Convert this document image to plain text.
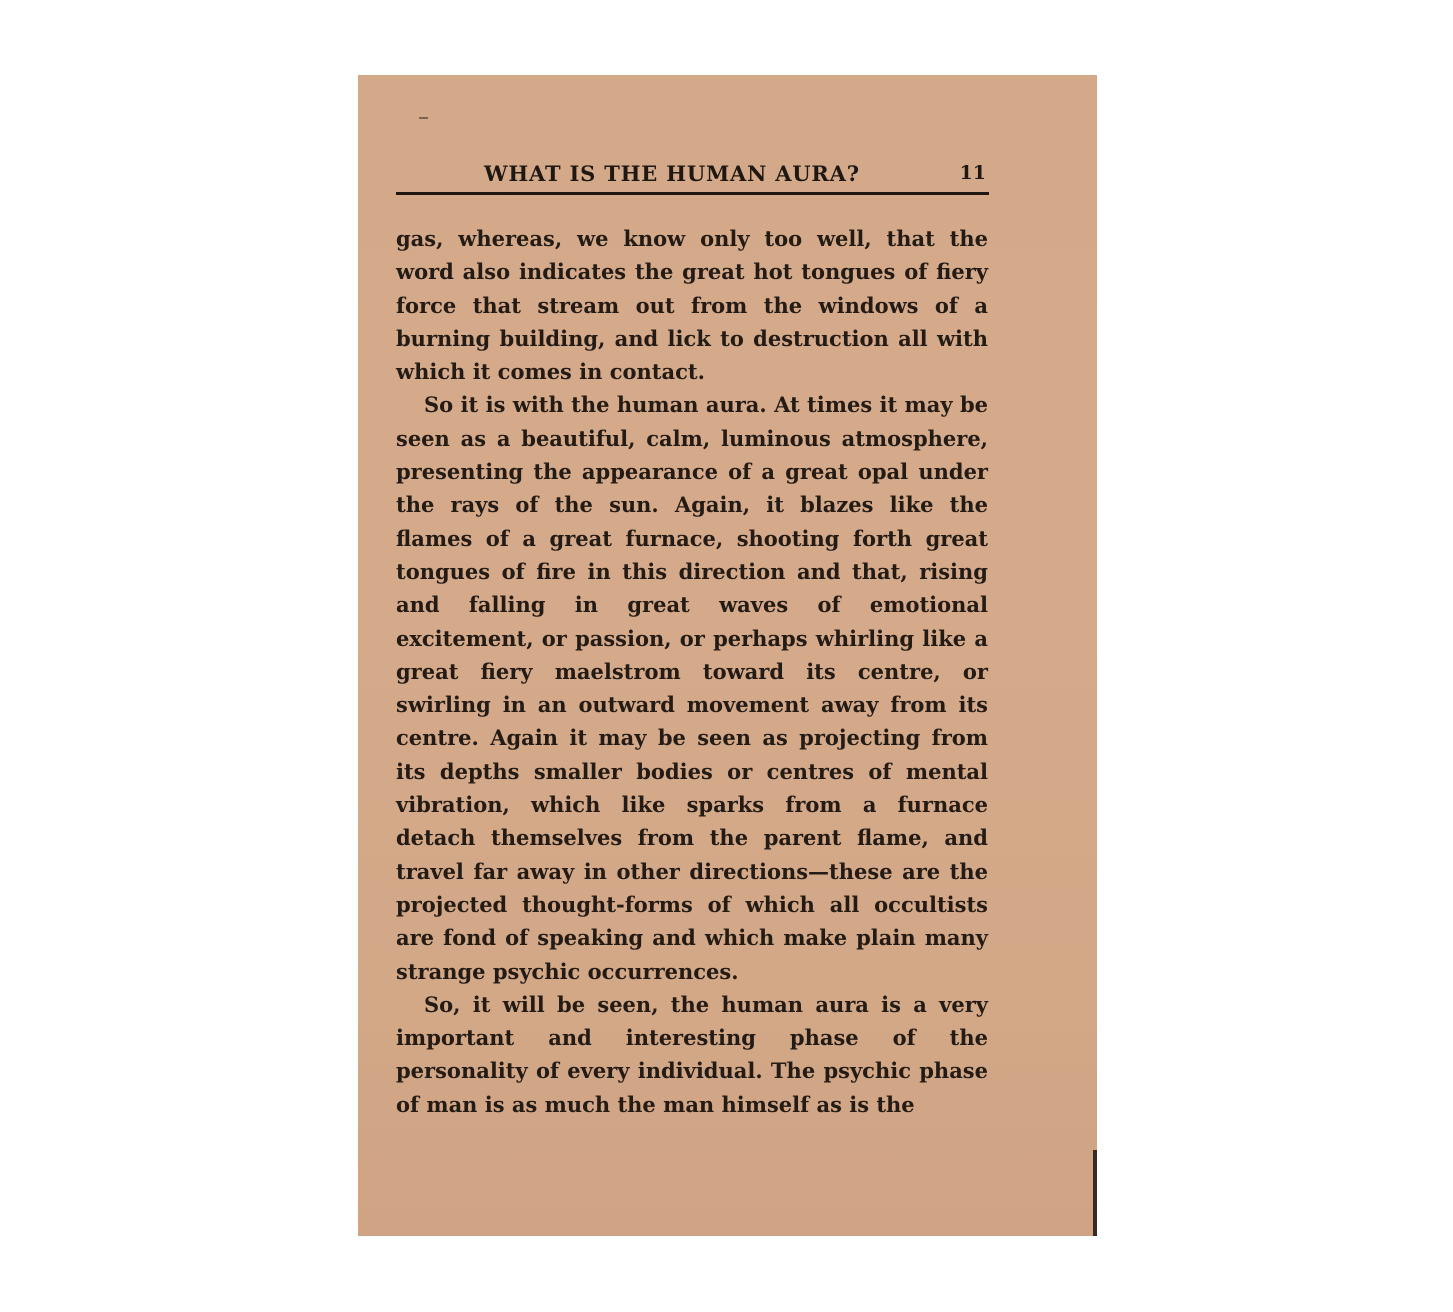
WHAT IS THE HUMAN AURA?	11

gas, whereas, we know only too well, that the word also indicates the great hot tongues of fiery force that stream out from the windows of a burning building, and lick to destruction all with which it comes in contact.

So it is with the human aura. At times it may be seen as a beautiful, calm, luminous atmosphere, presenting the appearance of a great opal under the rays of the sun. Again, it blazes like the flames of a great furnace, shooting forth great tongues of fire in this direction and that, rising and falling in great waves of emotional excitement, or passion, or perhaps whirling like a great fiery maelstrom toward its centre, or swirling in an outward movement away from its centre. Again it may be seen as projecting from its depths smaller bodies or centres of mental vibration, which like sparks from a furnace detach themselves from the parent flame, and travel far away in other directions—these are the projected thought-forms of which all occultists are fond of speaking and which make plain many strange psychic occurrences.

So, it will be seen, the human aura is a very important and interesting phase of the personality of every individual. The psychic phase of man is as much the man himself as is the
